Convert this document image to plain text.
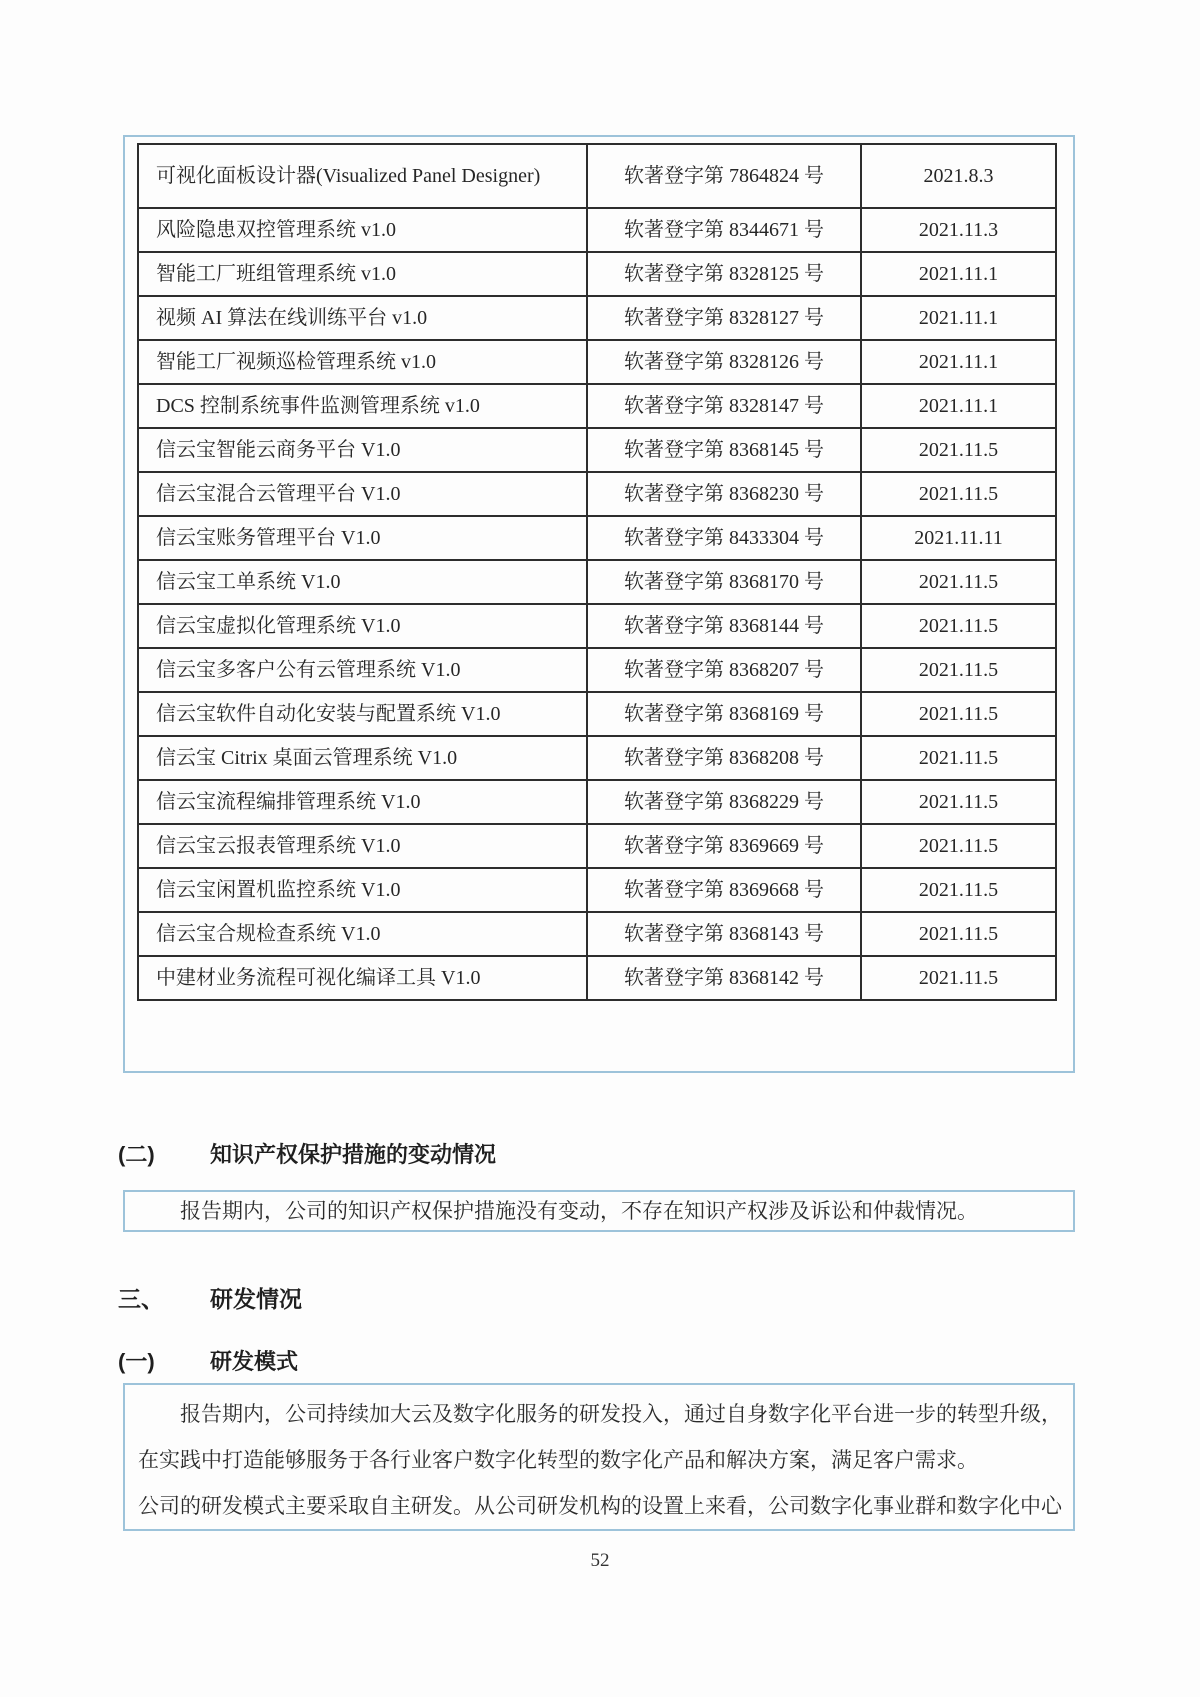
可视化面板设计器(Visualized Panel Designer)	软著登字第 7864824 号	2021.8.3
风险隐患双控管理系统 v1.0	软著登字第 8344671 号	2021.11.3
智能工厂班组管理系统 v1.0	软著登字第 8328125 号	2021.11.1
视频 AI 算法在线训练平台 v1.0	软著登字第 8328127 号	2021.11.1
智能工厂视频巡检管理系统 v1.0	软著登字第 8328126 号	2021.11.1
DCS 控制系统事件监测管理系统 v1.0	软著登字第 8328147 号	2021.11.1
信云宝智能云商务平台 V1.0	软著登字第 8368145 号	2021.11.5
信云宝混合云管理平台 V1.0	软著登字第 8368230 号	2021.11.5
信云宝账务管理平台 V1.0	软著登字第 8433304 号	2021.11.11
信云宝工单系统 V1.0	软著登字第 8368170 号	2021.11.5
信云宝虚拟化管理系统 V1.0	软著登字第 8368144 号	2021.11.5
信云宝多客户公有云管理系统 V1.0	软著登字第 8368207 号	2021.11.5
信云宝软件自动化安装与配置系统 V1.0	软著登字第 8368169 号	2021.11.5
信云宝 Citrix 桌面云管理系统 V1.0	软著登字第 8368208 号	2021.11.5
信云宝流程编排管理系统 V1.0	软著登字第 8368229 号	2021.11.5
信云宝云报表管理系统 V1.0	软著登字第 8369669 号	2021.11.5
信云宝闲置机监控系统 V1.0	软著登字第 8369668 号	2021.11.5
信云宝合规检查系统 V1.0	软著登字第 8368143 号	2021.11.5
中建材业务流程可视化编译工具 V1.0	软著登字第 8368142 号	2021.11.5
(二)	知识产权保护措施的变动情况
报告期内，公司的知识产权保护措施没有变动，不存在知识产权涉及诉讼和仲裁情况。
三、 研发情况
(一)	研发模式
报告期内，公司持续加大云及数字化服务的研发投入，通过自身数字化平台进一步的转型升级，
在实践中打造能够服务于各行业客户数字化转型的数字化产品和解决方案，满足客户需求。
公司的研发模式主要采取自主研发。从公司研发机构的设置上来看，公司数字化事业群和数字化中心
52
